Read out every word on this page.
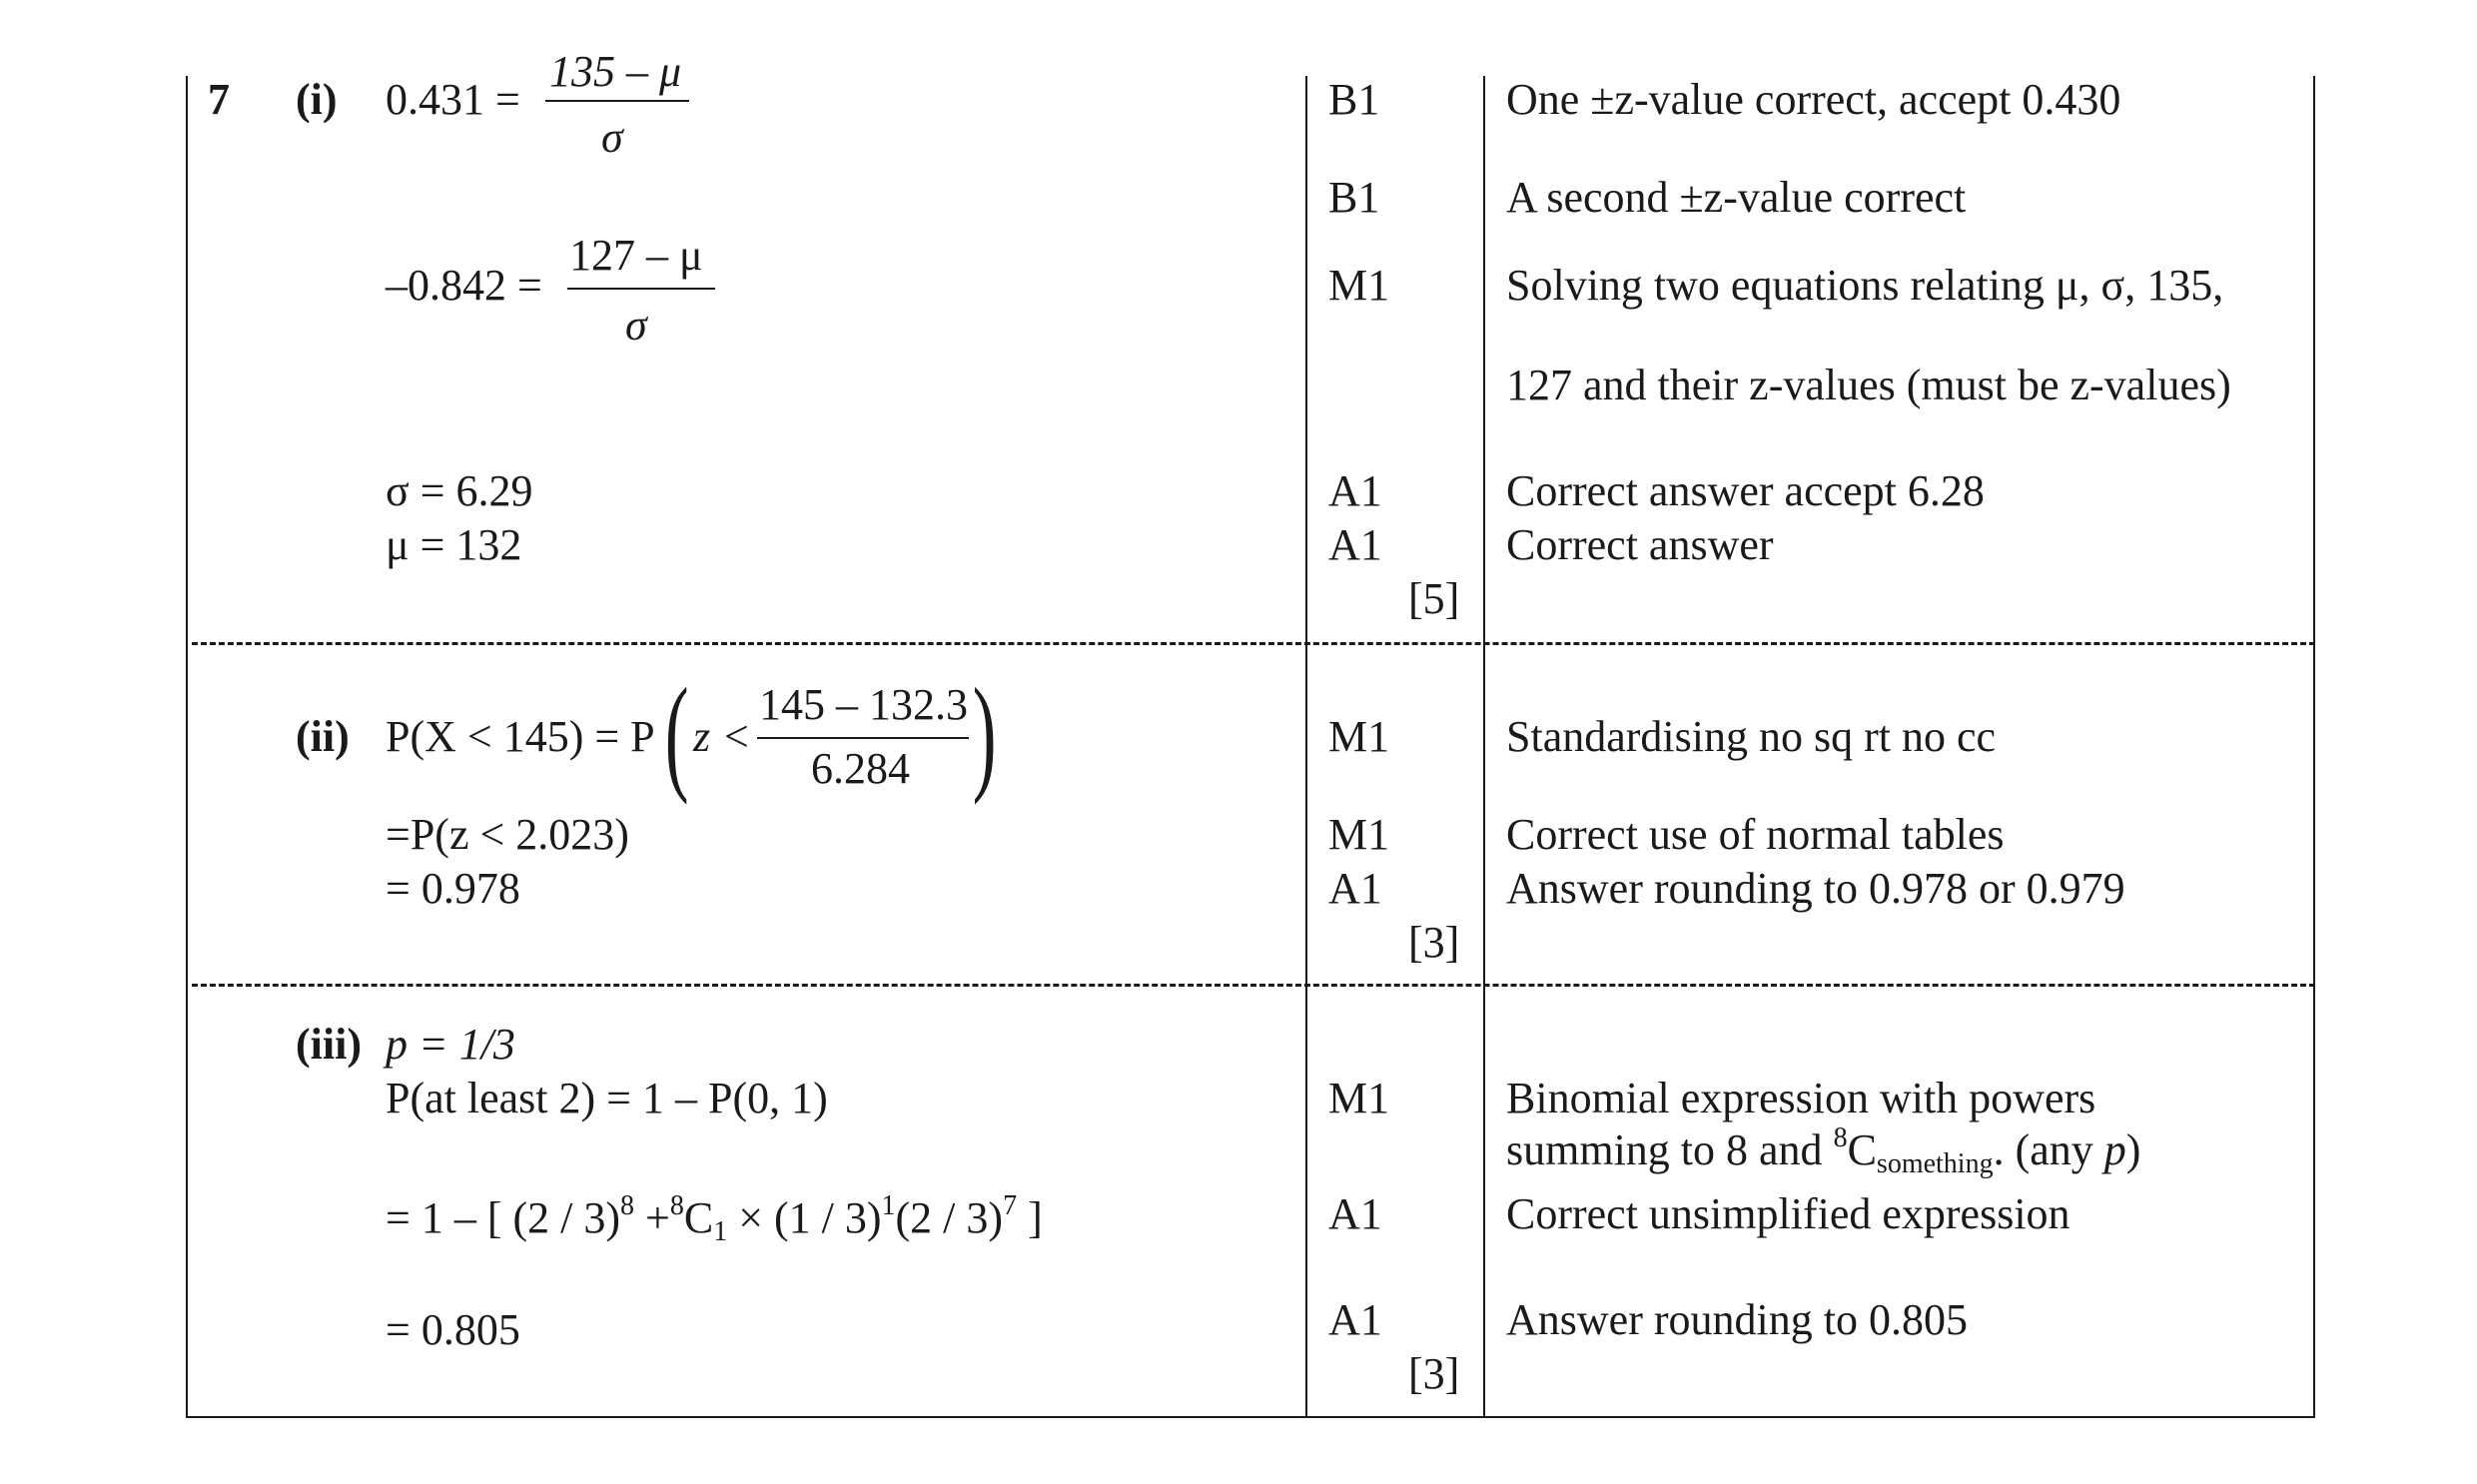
7 (i) 0.431 =
135 – μ
σ
–0.842 =
127 – μ
σ
σ = 6.29
μ = 132
B1
B1
M1
A1
A1
[5]
One ±z-value correct, accept 0.430
A second ±z-value correct
Solving two equations relating μ, σ, 135,
127 and their z-values (must be z-values)
Correct answer accept 6.28
Correct answer
(ii) P(X < 145) = P ( z <
145 – 132.3
6.284 )
=P(z < 2.023)
= 0.978
M1
M1
A1
[3]
Standardising no sq rt no cc
Correct use of normal tables
Answer rounding to 0.978 or 0.979
(iii) p = 1/3
P(at least 2) = 1 – P(0, 1)
= 1 – [ $(2 / 3)^8 +^8C_1 \times (1 / 3)^1(2 / 3)^7$ ]
= 0.805
M1
A1
A1
[3]
Binomial expression with powers
summing to 8 and $^8C_{something}$. (any p)
Correct unsimplified expression
Answer rounding to 0.805
